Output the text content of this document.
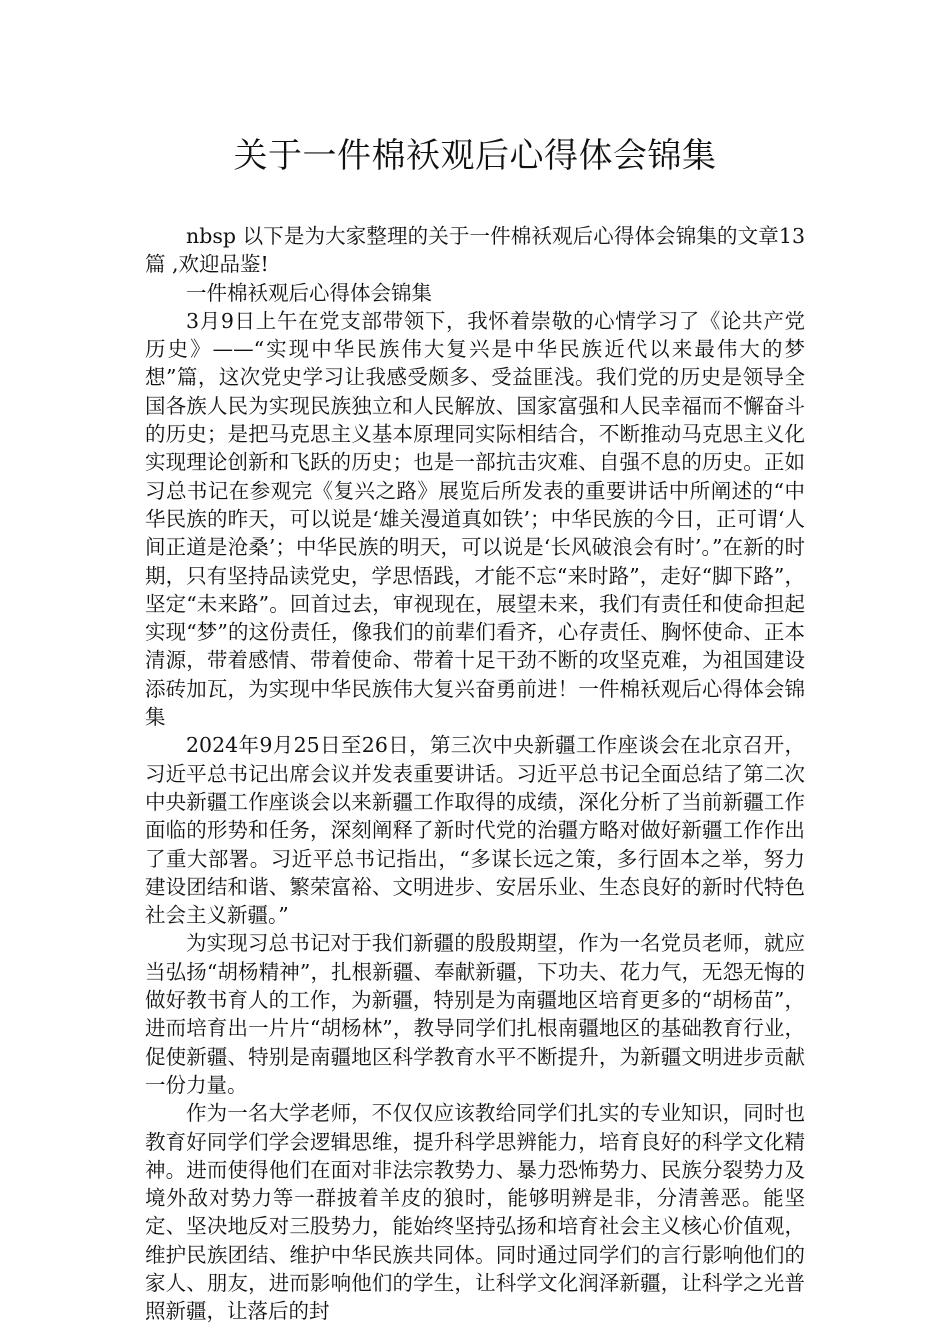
关于一件棉袄观后心得体会锦集

nbsp 以下是为大家整理的关于一件棉袄观后心得体会锦集的文章13篇 ,欢迎品鉴!

一件棉袄观后心得体会锦集

3月9日上午在党支部带领下，我怀着崇敬的心情学习了《论共产党历史》——“实现中华民族伟大复兴是中华民族近代以来最伟大的梦想”篇，这次党史学习让我感受颇多、受益匪浅。我们党的历史是领导全国各族人民为实现民族独立和人民解放、国家富强和人民幸福而不懈奋斗的历史；是把马克思主义基本原理同实际相结合，不断推动马克思主义化实现理论创新和飞跃的历史；也是一部抗击灾难、自强不息的历史。正如习总书记在参观完《复兴之路》展览后所发表的重要讲话中所阐述的“中华民族的昨天，可以说是‘雄关漫道真如铁’；中华民族的今日，正可谓‘人间正道是沧桑’；中华民族的明天，可以说是‘长风破浪会有时’。”在新的时期，只有坚持品读党史，学思悟践，才能不忘“来时路”，走好“脚下路”，坚定“未来路”。回首过去，审视现在，展望未来，我们有责任和使命担起实现“梦”的这份责任，像我们的前辈们看齐，心存责任、胸怀使命、正本清源，带着感情、带着使命、带着十足干劲不断的攻坚克难，为祖国建设添砖加瓦，为实现中华民族伟大复兴奋勇前进！一件棉袄观后心得体会锦集

2024年9月25日至26日，第三次中央新疆工作座谈会在北京召开，习近平总书记出席会议并发表重要讲话。习近平总书记全面总结了第二次中央新疆工作座谈会以来新疆工作取得的成绩，深化分析了当前新疆工作面临的形势和任务，深刻阐释了新时代党的治疆方略对做好新疆工作作出了重大部署。习近平总书记指出，“多谋长远之策，多行固本之举，努力建设团结和谐、繁荣富裕、文明进步、安居乐业、生态良好的新时代特色社会主义新疆。”

为实现习总书记对于我们新疆的殷殷期望，作为一名党员老师，就应当弘扬“胡杨精神”，扎根新疆、奉献新疆，下功夫、花力气，无怨无悔的做好教书育人的工作，为新疆，特别是为南疆地区培育更多的“胡杨苗”，进而培育出一片片“胡杨林”，教导同学们扎根南疆地区的基础教育行业，促使新疆、特别是南疆地区科学教育水平不断提升，为新疆文明进步贡献一份力量。

作为一名大学老师，不仅仅应该教给同学们扎实的专业知识，同时也教育好同学们学会逻辑思维，提升科学思辨能力，培育良好的科学文化精神。进而使得他们在面对非法宗教势力、暴力恐怖势力、民族分裂势力及境外敌对势力等一群披着羊皮的狼时，能够明辨是非，分清善恶。能坚定、坚决地反对三股势力，能始终坚持弘扬和培育社会主义核心价值观，维护民族团结、维护中华民族共同体。同时通过同学们的言行影响他们的家人、朋友，进而影响他们的学生，让科学文化润泽新疆，让科学之光普照新疆，让落后的封
